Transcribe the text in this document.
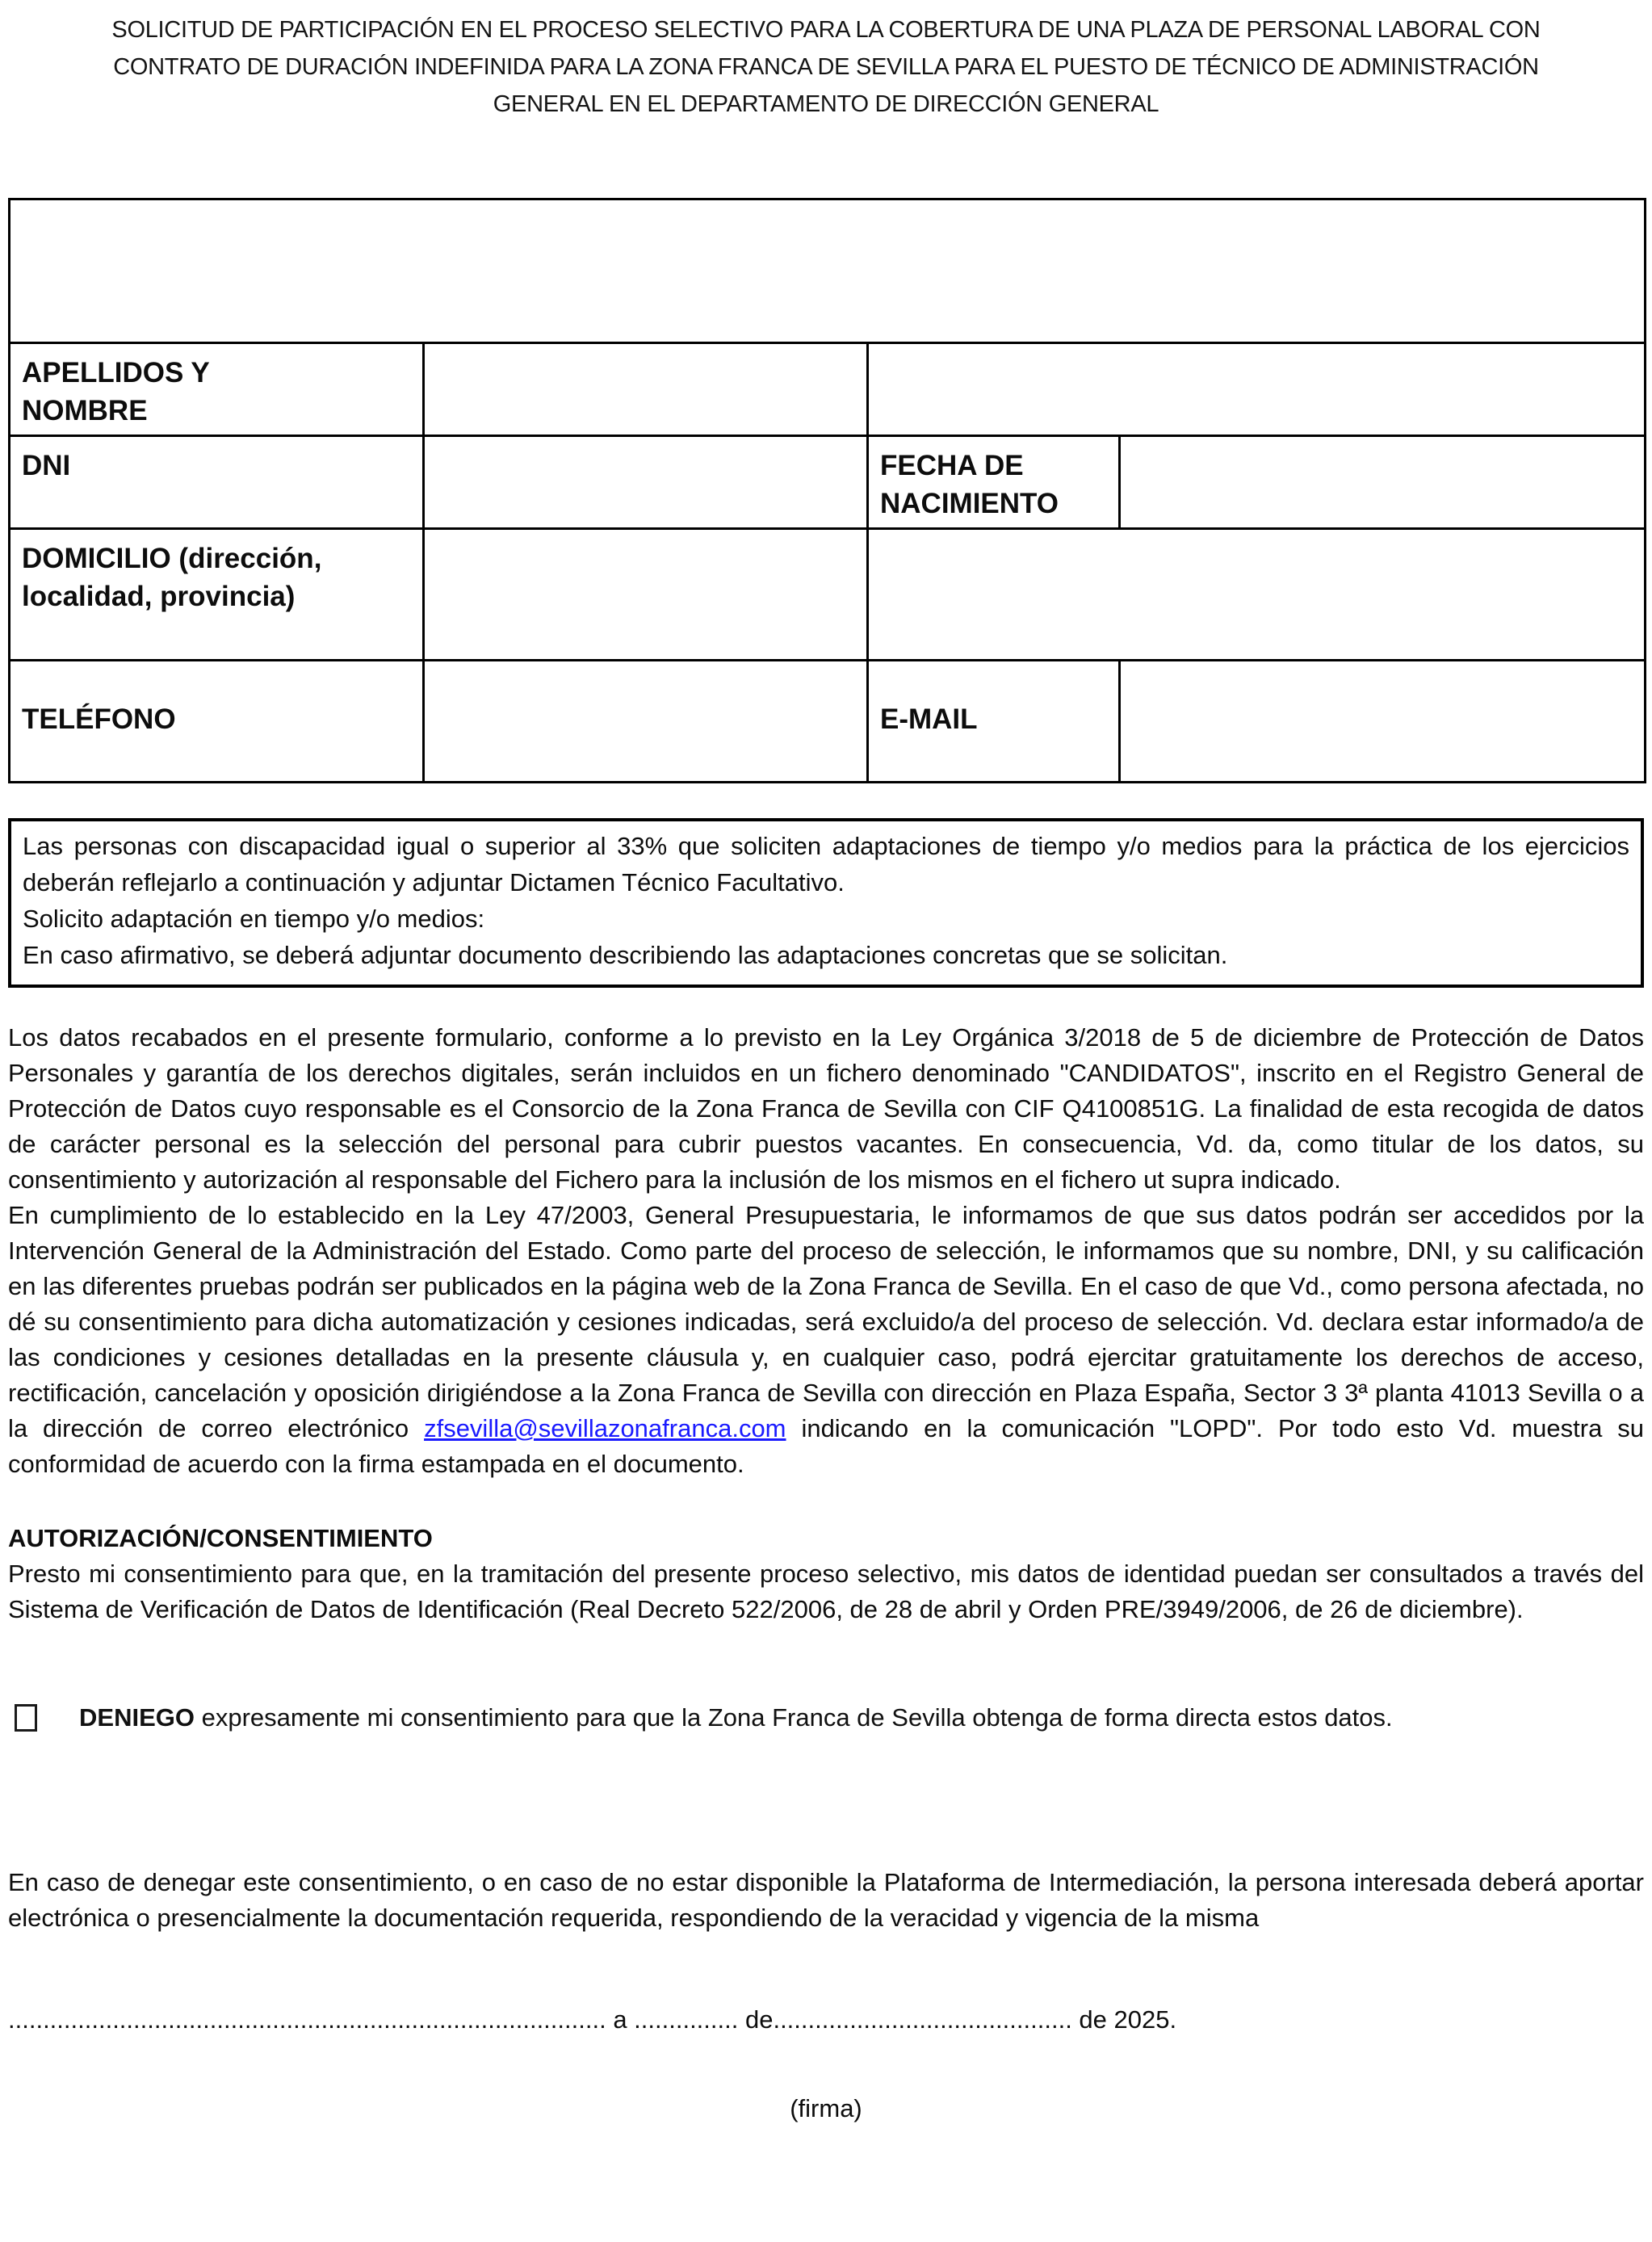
SOLICITUD DE PARTICIPACIÓN EN EL PROCESO SELECTIVO PARA LA COBERTURA DE UNA PLAZA DE PERSONAL LABORAL CON
CONTRATO DE DURACIÓN INDEFINIDA PARA LA ZONA FRANCA DE SEVILLA PARA EL PUESTO DE TÉCNICO DE ADMINISTRACIÓN
GENERAL EN EL DEPARTAMENTO DE DIRECCIÓN GENERAL
DATOS PERSONALES			

APELLIDOS Y
NOMBRE			

DNI		FECHA DE
NACIMIENTO	

DOMICILIO (dirección,
localidad, provincia)			

TELÉFONO		E-MAIL	

Las personas con discapacidad igual o superior al 33% que soliciten adaptaciones de tiempo y/o medios para la práctica de los ejercicios deberán reflejarlo a continuación y adjuntar Dictamen Técnico Facultativo.

Solicito adaptación en tiempo y/o medios:

En caso afirmativo, se deberá adjuntar documento describiendo las adaptaciones concretas que se solicitan.

Los datos recabados en el presente formulario, conforme a lo previsto en la Ley Orgánica 3/2018 de 5 de diciembre de Protección de Datos Personales y garantía de los derechos digitales, serán incluidos en un fichero denominado "CANDIDATOS", inscrito en el Registro General de Protección de Datos cuyo responsable es el Consorcio de la Zona Franca de Sevilla con CIF Q4100851G. La finalidad de esta recogida de datos de carácter personal es la selección del personal para cubrir puestos vacantes. En consecuencia, Vd. da, como titular de los datos, su consentimiento y autorización al responsable del Fichero para la inclusión de los mismos en el fichero ut supra indicado.

En cumplimiento de lo establecido en la Ley 47/2003, General Presupuestaria, le informamos de que sus datos podrán ser accedidos por la Intervención General de la Administración del Estado. Como parte del proceso de selección, le informamos que su nombre, DNI, y su calificación en las diferentes pruebas podrán ser publicados en la página web de la Zona Franca de Sevilla. En el caso de que Vd., como persona afectada, no dé su consentimiento para dicha automatización y cesiones indicadas, será excluido/a del proceso de selección. Vd. declara estar informado/a de las condiciones y cesiones detalladas en la presente cláusula y, en cualquier caso, podrá ejercitar gratuitamente los derechos de acceso, rectificación, cancelación y oposición dirigiéndose a la Zona Franca de Sevilla con dirección en Plaza España, Sector 3 3ª planta 41013 Sevilla o a la dirección de correo electrónico zfsevilla@sevillazonafranca.com indicando en la comunicación "LOPD". Por todo esto Vd. muestra su conformidad de acuerdo con la firma estampada en el documento.

AUTORIZACIÓN/CONSENTIMIENTO

Presto mi consentimiento para que, en la tramitación del presente proceso selectivo, mis datos de identidad puedan ser consultados a través del Sistema de Verificación de Datos de Identificación (Real Decreto 522/2006, de 28 de abril y Orden PRE/3949/2006, de 26 de diciembre).

DENIEGO expresamente mi consentimiento para que la Zona Franca de Sevilla obtenga de forma directa estos datos.

En caso de denegar este consentimiento, o en caso de no estar disponible la Plataforma de Intermediación, la persona interesada deberá aportar electrónica o presencialmente la documentación requerida, respondiendo de la veracidad y vigencia de la misma

...................................................................................... a ............... de........................................... de 2025.

(firma)
